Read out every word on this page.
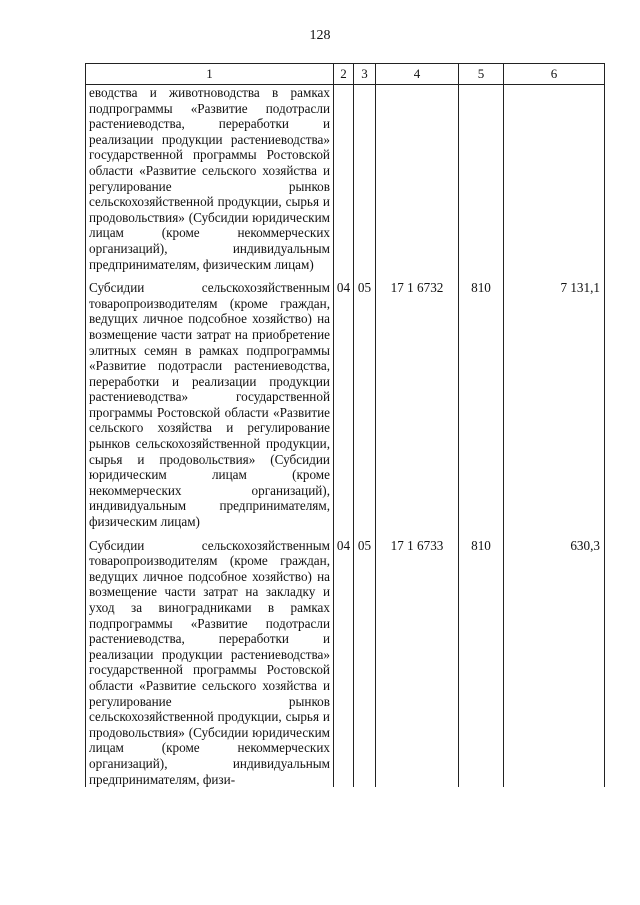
128
1	2	3	4	5	6
еводства и животноводства в рамках подпрограммы «Развитие подотрасли растениеводства, переработки и реализации продукции растениеводства» государственной программы Ростовской области «Развитие сельского хозяйства и регулирование рынков сельскохозяйственной продукции, сырья и продовольствия» (Субсидии юридическим лицам (кроме некоммерческих организаций), индивидуальным предпринимателям, физическим лицам)					
Субсидии сельскохозяйственным товаропроизводителям (кроме граждан, ведущих личное подсобное хозяйство) на возмещение части затрат на приобретение элитных семян в рамках подпрограммы «Развитие подотрасли растениеводства, переработки и реализации продукции растениеводства» государственной программы Ростовской области «Развитие сельского хозяйства и регулирование рынков сельскохозяйственной продукции, сырья и продовольствия» (Субсидии юридическим лицам (кроме некоммерческих организаций), индивидуальным предпринимателям, физическим лицам)	04	05	17 1 6732	810	7 131,1
Субсидии сельскохозяйственным товаропроизводителям (кроме граждан, ведущих личное подсобное хозяйство) на возмещение части затрат на закладку и уход за виноградниками в рамках подпрограммы «Развитие подотрасли растениеводства, переработки и реализации продукции растениеводства» государственной программы Ростовской области «Развитие сельского хозяйства и регулирование рынков сельскохозяйственной продукции, сырья и продовольствия» (Субсидии юридическим лицам (кроме некоммерческих организаций), индивидуальным предпринимателям, физи-	04	05	17 1 6733	810	630,3
